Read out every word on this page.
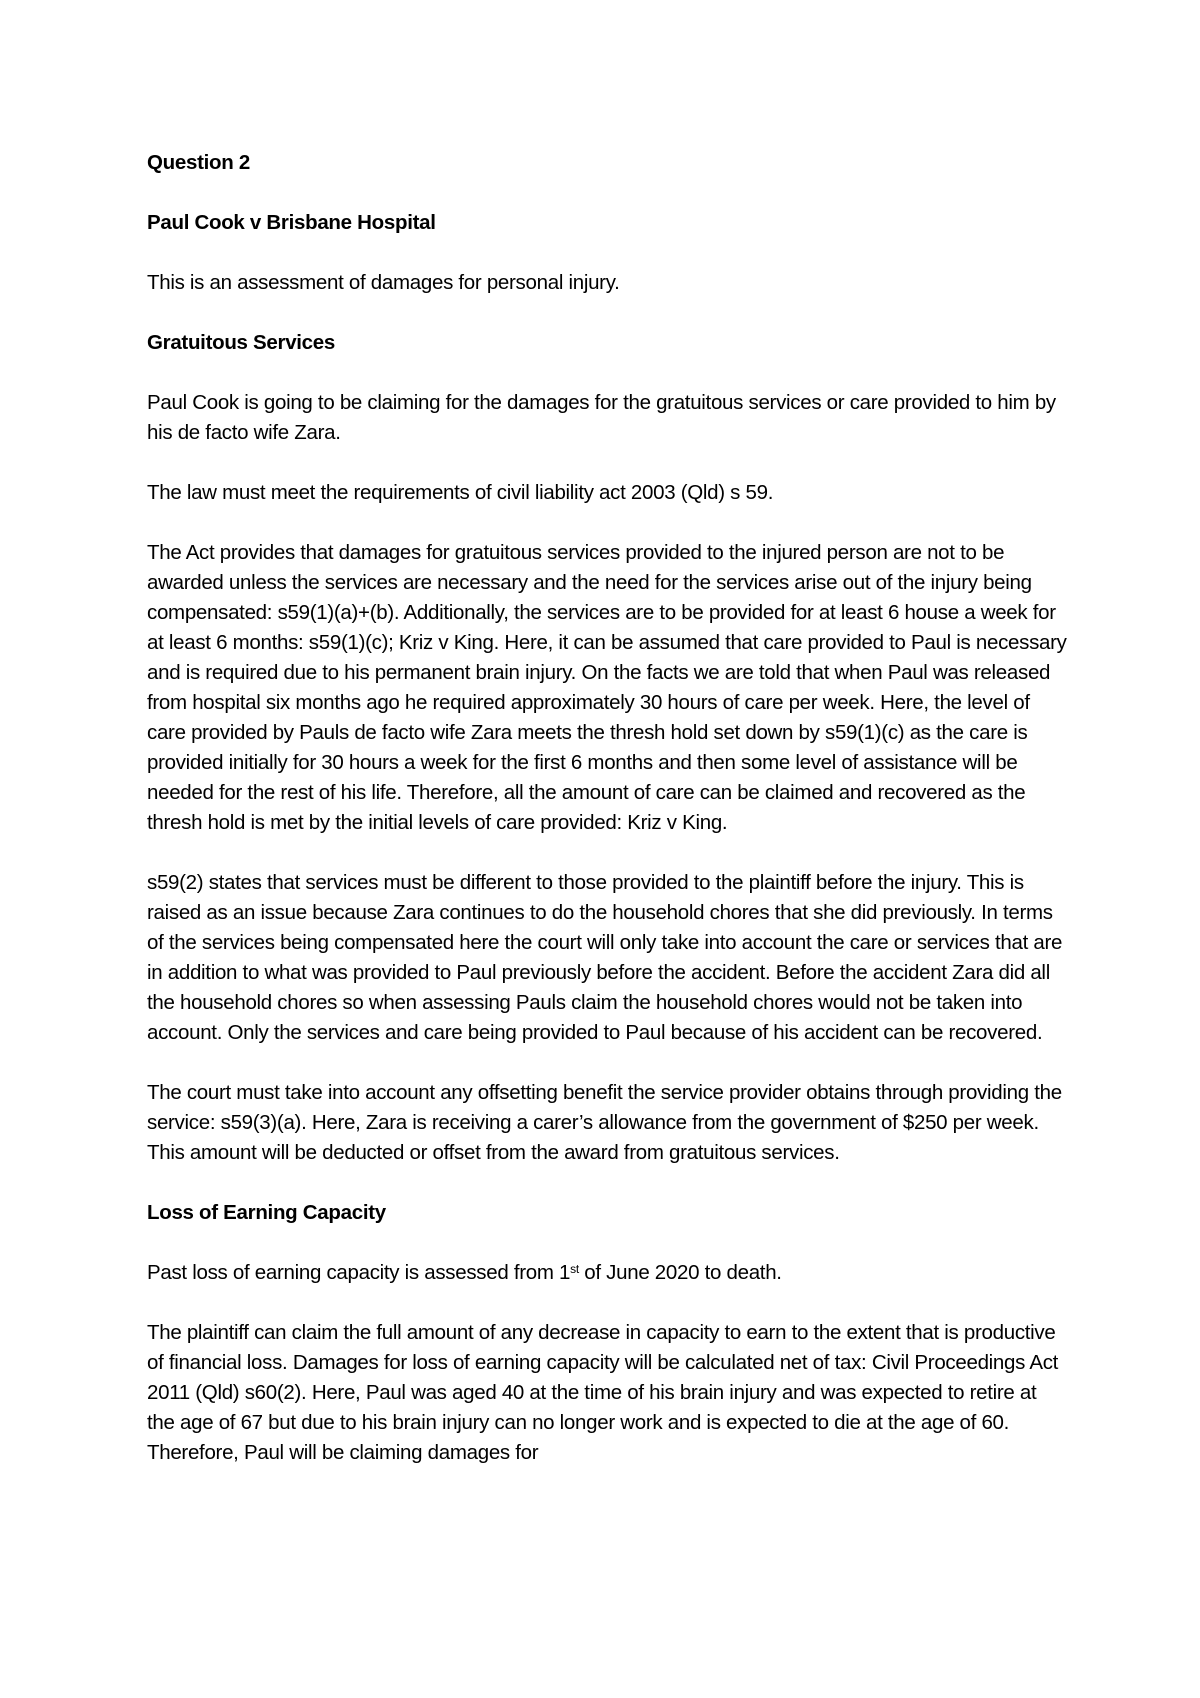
Question 2
Paul Cook v Brisbane Hospital

This is an assessment of damages for personal injury.

Gratuitous Services

Paul Cook is going to be claiming for the damages for the gratuitous services or care provided to him by his de facto wife Zara.

The law must meet the requirements of civil liability act 2003 (Qld) s 59.

The Act provides that damages for gratuitous services provided to the injured person are not to be awarded unless the services are necessary and the need for the services arise out of the injury being compensated: s59(1)(a)+(b). Additionally, the services are to be provided for at least 6 house a week for at least 6 months: s59(1)(c); Kriz v King. Here, it can be assumed that care provided to Paul is necessary and is required due to his permanent brain injury. On the facts we are told that when Paul was released from hospital six months ago he required approximately 30 hours of care per week. Here, the level of care provided by Pauls de facto wife Zara meets the thresh hold set down by s59(1)(c) as the care is provided initially for 30 hours a week for the first 6 months and then some level of assistance will be needed for the rest of his life. Therefore, all the amount of care can be claimed and recovered as the thresh hold is met by the initial levels of care provided: Kriz v King.

s59(2) states that services must be different to those provided to the plaintiff before the injury. This is raised as an issue because Zara continues to do the household chores that she did previously. In terms of the services being compensated here the court will only take into account the care or services that are in addition to what was provided to Paul previously before the accident. Before the accident Zara did all the household chores so when assessing Pauls claim the household chores would not be taken into account. Only the services and care being provided to Paul because of his accident can be recovered.

The court must take into account any offsetting benefit the service provider obtains through providing the service: s59(3)(a). Here, Zara is receiving a carer’s allowance from the government of $250 per week. This amount will be deducted or offset from the award from gratuitous services.

Loss of Earning Capacity

Past loss of earning capacity is assessed from 1st of June 2020 to death.

The plaintiff can claim the full amount of any decrease in capacity to earn to the extent that is productive of financial loss. Damages for loss of earning capacity will be calculated net of tax: Civil Proceedings Act 2011 (Qld) s60(2). Here, Paul was aged 40 at the time of his brain injury and was expected to retire at the age of 67 but due to his brain injury can no longer work and is expected to die at the age of 60. Therefore, Paul will be claiming damages for
